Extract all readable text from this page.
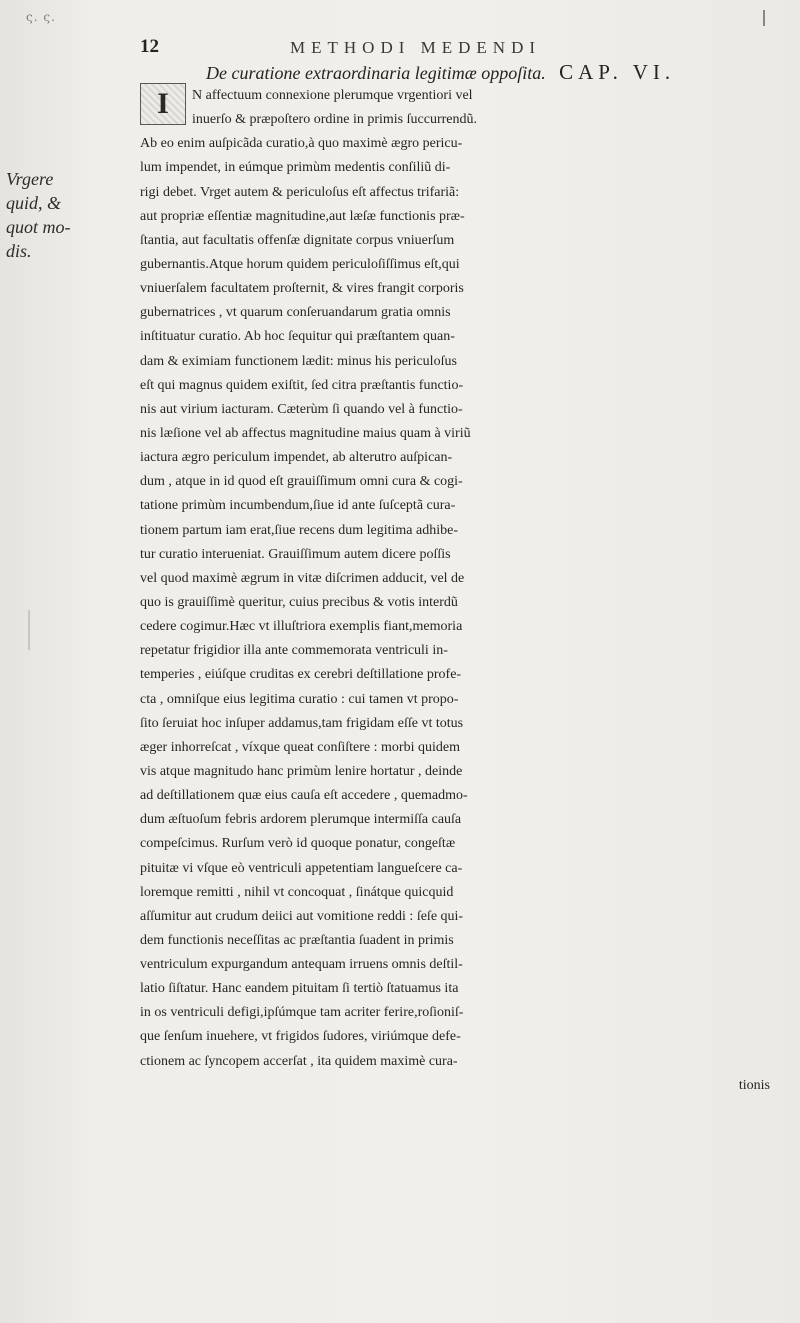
ς. ς.
12	METHODI MEDENDI
De curatione extraordinaria legitimæ oppoſita. CAP. VI.
I
Vrgere
quid, &
quot mo-
dis.
N affectuum connexione plerumque vrgentiori vel
inuerſo & præpoſtero ordine in primis ſuccurrendũ.
Ab eo enim auſpicãda curatio,à quo maximè ægro pericu-
lum impendet, in eúmque primùm medentis conſiliũ di-
rigi debet. Vrget autem & periculoſus eſt affectus trifariã:
aut propriæ eſſentiæ magnitudine,aut læſæ functionis præ-
ſtantia, aut facultatis offenſæ dignitate corpus vniuerſum
gubernantis.Atque horum quidem periculoſiſſimus eſt,qui
vniuerſalem facultatem proſternit, & vires frangit corporis
gubernatrices , vt quarum conſeruandarum gratia omnis
inſtituatur curatio. Ab hoc ſequitur qui præſtantem quan-
dam & eximiam functionem lædit: minus his periculoſus
eſt qui magnus quidem exiſtit, ſed citra præſtantis functio-
nis aut virium iacturam. Cæterùm ſi quando vel à functio-
nis læſione vel ab affectus magnitudine maius quam à viriũ
iactura ægro periculum impendet, ab alterutro auſpican-
dum , atque in id quod eſt grauiſſimum omni cura & cogi-
tatione primùm incumbendum,ſiue id ante ſuſceptã cura-
tionem partum iam erat,ſiue recens dum legitima adhibe-
tur curatio interueniat. Grauiſſimum autem dicere poſſis
vel quod maximè ægrum in vitæ diſcrimen adducit, vel de
quo is grauiſſimè queritur, cuius precibus & votis interdũ
cedere cogimur.Hæc vt illuſtriora exemplis fiant,memoria
repetatur frigidior illa ante commemorata ventriculi in-
temperies , eiúſque cruditas ex cerebri deſtillatione profe-
cta , omniſque eius legitima curatio : cui tamen vt propo-
ſito ſeruiat hoc inſuper addamus,tam frigidam eſſe vt totus
æger inhorreſcat , víxque queat conſiſtere : morbi quidem
vis atque magnitudo hanc primùm lenire hortatur , deinde
ad deſtillationem quæ eius cauſa eſt accedere , quemadmo-
dum æſtuoſum febris ardorem plerumque intermiſſa cauſa
compeſcimus. Rurſum verò id quoque ponatur, congeſtæ
pituitæ vi vſque eò ventriculi appetentiam langueſcere ca-
loremque remitti , nihil vt concoquat , ſinátque quicquid
aſſumitur aut crudum deiici aut vomitione reddi : ſeſe qui-
dem functionis neceſſitas ac præſtantia ſuadent in primis
ventriculum expurgandum antequam irruens omnis deſtil-
latio ſiſtatur. Hanc eandem pituitam ſi tertiò ſtatuamus ita
in os ventriculi defigi,ipſúmque tam acriter ferire,roſioniſ-
que ſenſum inuehere, vt frigidos ſudores, viriúmque defe-
ctionem ac ſyncopem accerſat , ita quidem maximè cura-
tionis
